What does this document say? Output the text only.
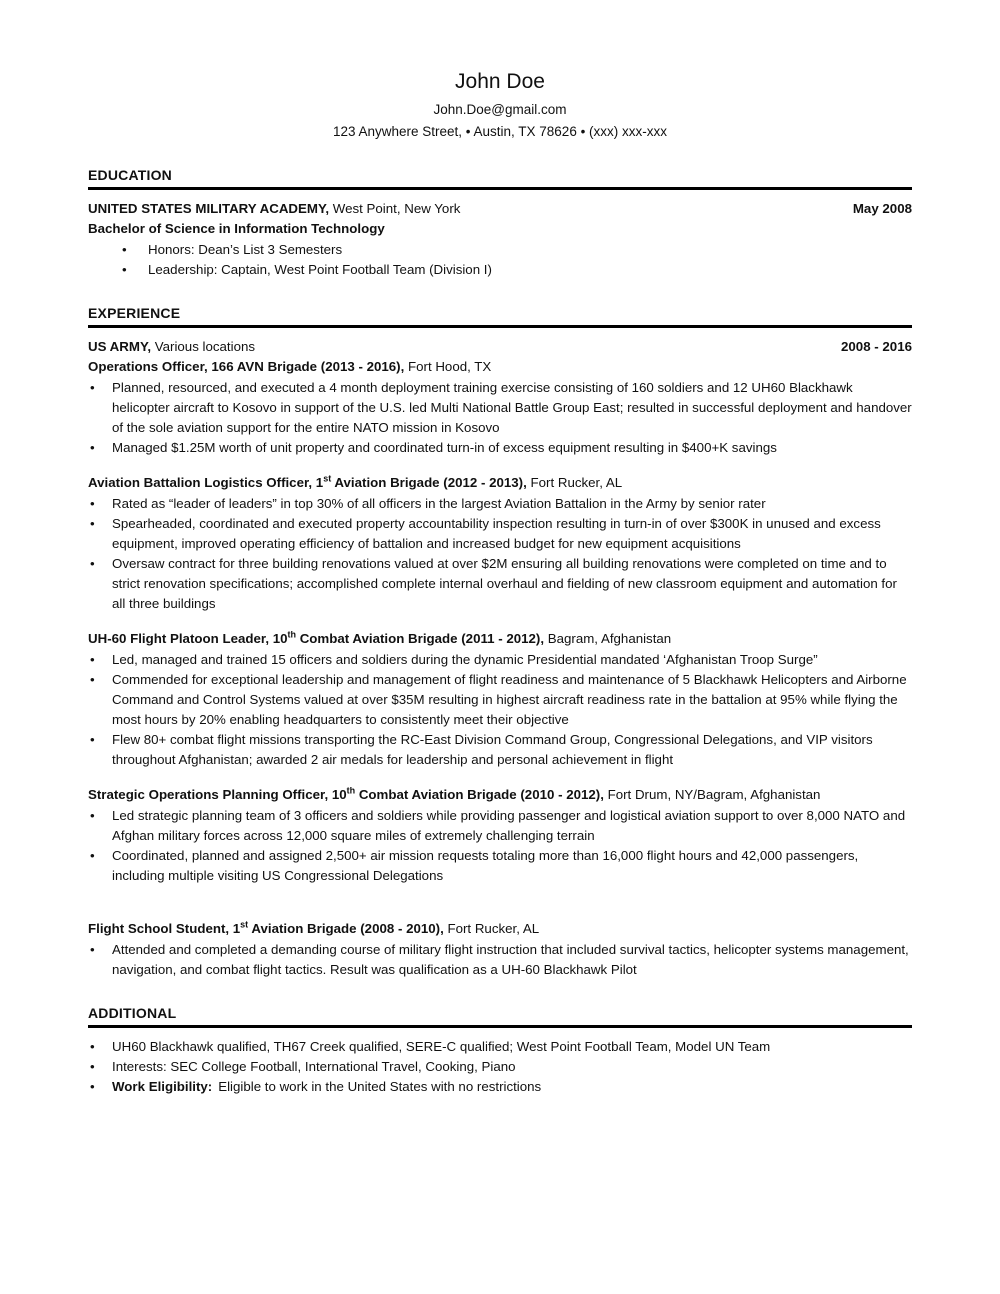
John Doe
John.Doe@gmail.com
123 Anywhere Street, • Austin, TX 78626 • (xxx) xxx-xxx
EDUCATION
UNITED STATES MILITARY ACADEMY, West Point, New York	May 2008
Bachelor of Science in Information Technology
• Honors: Dean’s List 3 Semesters
• Leadership: Captain, West Point Football Team (Division I)
EXPERIENCE
US ARMY, Various locations	2008 - 2016
Operations Officer, 166 AVN Brigade (2013 - 2016), Fort Hood, TX
• Planned, resourced, and executed a 4 month deployment training exercise consisting of 160 soldiers and 12 UH60 Blackhawk helicopter aircraft to Kosovo in support of the U.S. led Multi National Battle Group East; resulted in successful deployment and handover of the sole aviation support for the entire NATO mission in Kosovo
• Managed $1.25M worth of unit property and coordinated turn-in of excess equipment resulting in $400+K savings
Aviation Battalion Logistics Officer, 1st Aviation Brigade (2012 - 2013), Fort Rucker, AL
• Rated as “leader of leaders” in top 30% of all officers in the largest Aviation Battalion in the Army by senior rater
• Spearheaded, coordinated and executed property accountability inspection resulting in turn-in of over $300K in unused and excess equipment, improved operating efficiency of battalion and increased budget for new equipment acquisitions
• Oversaw contract for three building renovations valued at over $2M ensuring all building renovations were completed on time and to strict renovation specifications; accomplished complete internal overhaul and fielding of new classroom equipment and automation for all three buildings
UH-60 Flight Platoon Leader, 10th Combat Aviation Brigade (2011 - 2012), Bagram, Afghanistan
• Led, managed and trained 15 officers and soldiers during the dynamic Presidential mandated ‘Afghanistan Troop Surge”
• Commended for exceptional leadership and management of flight readiness and maintenance of 5 Blackhawk Helicopters and Airborne Command and Control Systems valued at over $35M resulting in highest aircraft readiness rate in the battalion at 95% while flying the most hours by 20% enabling headquarters to consistently meet their objective
• Flew 80+ combat flight missions transporting the RC-East Division Command Group, Congressional Delegations, and VIP visitors throughout Afghanistan; awarded 2 air medals for leadership and personal achievement in flight
Strategic Operations Planning Officer, 10th Combat Aviation Brigade (2010 - 2012), Fort Drum, NY/Bagram, Afghanistan
• Led strategic planning team of 3 officers and soldiers while providing passenger and logistical aviation support to over 8,000 NATO and Afghan military forces across 12,000 square miles of extremely challenging terrain
• Coordinated, planned and assigned 2,500+ air mission requests totaling more than 16,000 flight hours and 42,000 passengers, including multiple visiting US Congressional Delegations
Flight School Student, 1st Aviation Brigade (2008 - 2010), Fort Rucker, AL
• Attended and completed a demanding course of military flight instruction that included survival tactics, helicopter systems management, navigation, and combat flight tactics. Result was qualification as a UH-60 Blackhawk Pilot
ADDITIONAL
• UH60 Blackhawk qualified, TH67 Creek qualified, SERE-C qualified; West Point Football Team, Model UN Team
• Interests: SEC College Football, International Travel, Cooking, Piano
• Work Eligibility: Eligible to work in the United States with no restrictions
